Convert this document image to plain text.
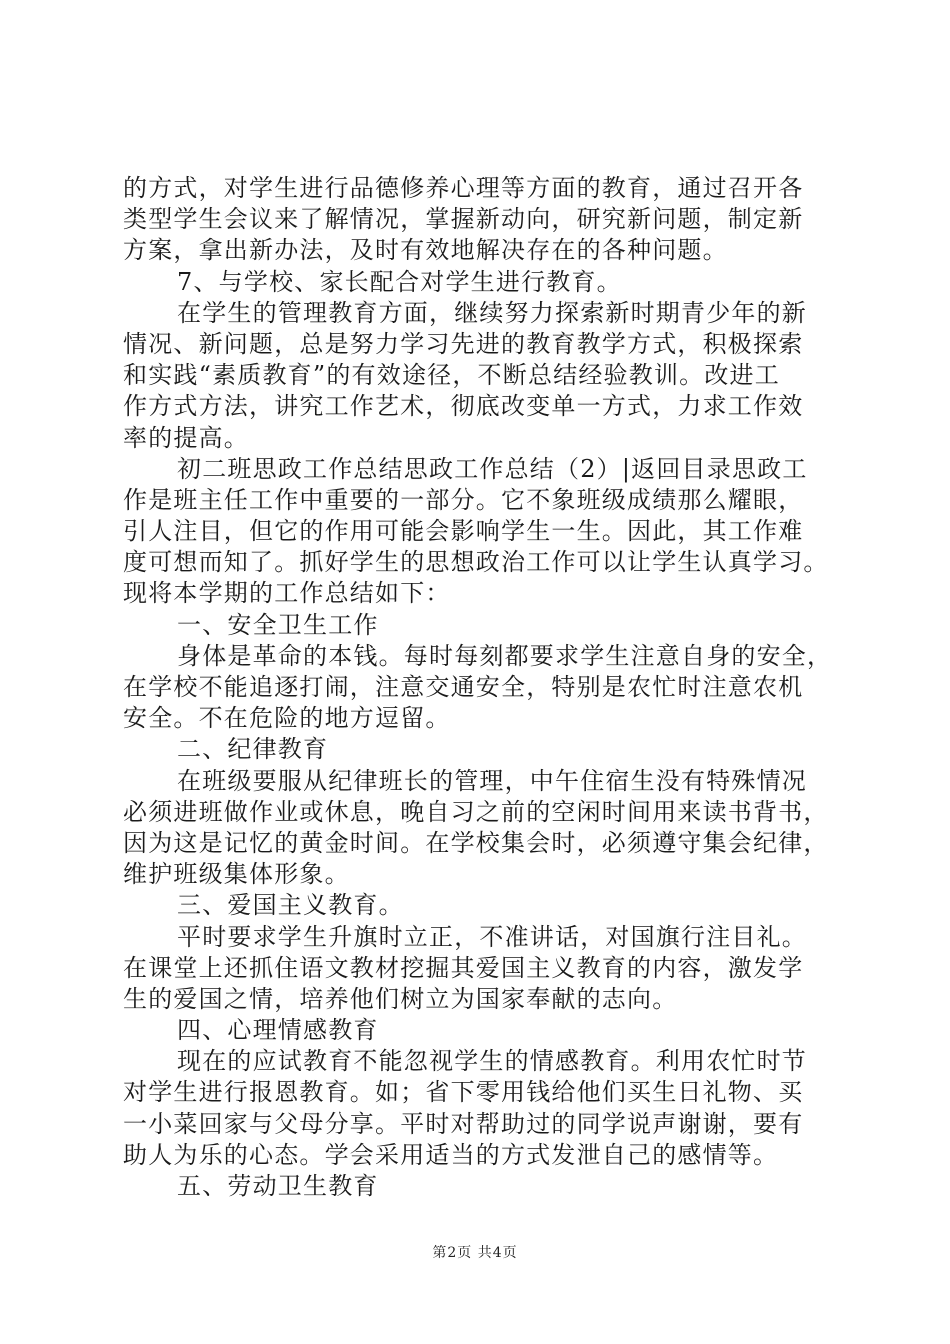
的方式，对学生进行品德修养心理等方面的教育，通过召开各
类型学生会议来了解情况，掌握新动向，研究新问题，制定新
方案，拿出新办法，及时有效地解决存在的各种问题。
7、与学校、家长配合对学生进行教育。
在学生的管理教育方面，继续努力探索新时期青少年的新
情况、新问题，总是努力学习先进的教育教学方式，积极探索
和实践“素质教育”的有效途径，不断总结经验教训。改进工
作方式方法，讲究工作艺术，彻底改变单一方式，力求工作效
率的提高。
初二班思政工作总结思政工作总结（2）|返回目录思政工
作是班主任工作中重要的一部分。它不象班级成绩那么耀眼，
引人注目，但它的作用可能会影响学生一生。因此，其工作难
度可想而知了。抓好学生的思想政治工作可以让学生认真学习。
现将本学期的工作总结如下：
一、安全卫生工作
身体是革命的本钱。每时每刻都要求学生注意自身的安全，
在学校不能追逐打闹，注意交通安全，特别是农忙时注意农机
安全。不在危险的地方逗留。
二、纪律教育
在班级要服从纪律班长的管理，中午住宿生没有特殊情况
必须进班做作业或休息，晚自习之前的空闲时间用来读书背书，
因为这是记忆的黄金时间。在学校集会时，必须遵守集会纪律，
维护班级集体形象。
三、爱国主义教育。
平时要求学生升旗时立正，不准讲话，对国旗行注目礼。
在课堂上还抓住语文教材挖掘其爱国主义教育的内容，激发学
生的爱国之情，培养他们树立为国家奉献的志向。
四、心理情感教育
现在的应试教育不能忽视学生的情感教育。利用农忙时节
对学生进行报恩教育。如；省下零用钱给他们买生日礼物、买
一小菜回家与父母分享。平时对帮助过的同学说声谢谢，要有
助人为乐的心态。学会采用适当的方式发泄自己的感情等。
五、劳动卫生教育
第2页 共4页
